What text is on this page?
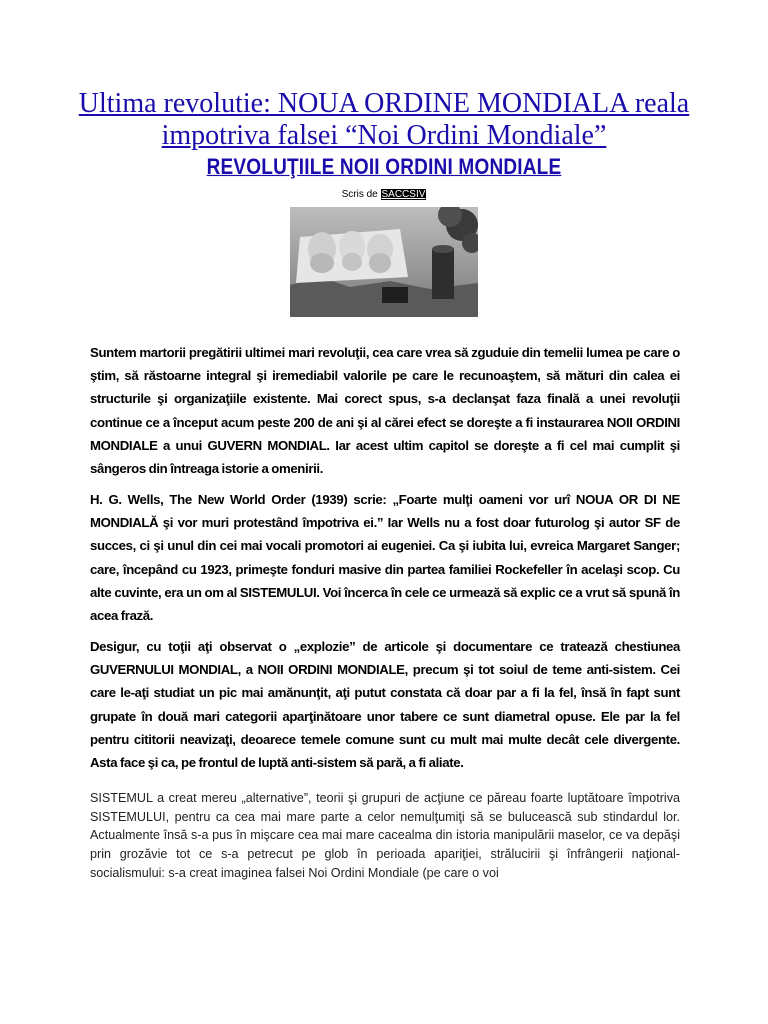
Ultima revolutie: NOUA ORDINE MONDIALA reala impotriva falsei “Noi Ordini Mondiale”
REVOLUŢIILE NOII ORDINI MONDIALE
Scris de SACCSIV

Suntem martorii pregătirii ultimei mari revoluţii, cea care vrea să zguduie din temelii lumea pe care o ştim, să răstoarne integral şi iremediabil valorile pe care le recunoaştem, să mături din calea ei structurile şi organizaţiile existente. Mai corect spus, s-a declanşat faza finală a unei revoluţii continue ce a început acum peste 200 de ani şi al cărei efect se doreşte a fi instaurarea NOII ORDINI MONDIALE a unui GUVERN MONDIAL. Iar acest ultim capitol se doreşte a fi cel mai cumplit şi sângeros din întreaga istorie a omenirii.

H. G. Wells, The New World Order (1939) scrie: „Foarte mulţi oameni vor urî NOUA OR DI NE MONDIALĂ şi vor muri protestând împotriva ei.” Iar Wells nu a fost doar futurolog şi autor SF de succes, ci şi unul din cei mai vocali promotori ai eugeniei. Ca şi iubita lui, evreica Margaret Sanger; care, începând cu 1923, primeşte fonduri masive din partea familiei Rockefeller în acelaşi scop. Cu alte cuvinte, era un om al SISTEMULUI. Voi încerca în cele ce urmează să explic ce a vrut să spună în acea frază.

Desigur, cu toţii aţi observat o „explozie” de articole şi documentare ce tratează chestiunea GUVERNULUI MONDIAL, a NOII ORDINI MONDIALE, precum şi tot soiul de teme anti-sistem. Cei care le-aţi studiat un pic mai amănunţit, aţi putut constata că doar par a fi la fel, însă în fapt sunt grupate în două mari categorii aparţinătoare unor tabere ce sunt diametral opuse. Ele par la fel pentru cititorii neavizaţi, deoarece temele comune sunt cu mult mai multe decât cele divergente. Asta face şi ca, pe frontul de luptă anti-sistem să pară, a fi aliate.

SISTEMUL a creat mereu „alternative”, teorii şi grupuri de acţiune ce păreau foarte luptătoare împotriva SISTEMULUI, pentru ca cea mai mare parte a celor nemulţumiţi să se bulucească sub stindardul lor. Actualmente însă s-a pus în mişcare cea mai mare cacealma din istoria manipulării maselor, ce va depăşi prin grozăvie tot ce s-a petrecut pe glob în perioada apariţiei, strălucirii şi înfrângerii naţional-socialismului: s-a creat imaginea falsei Noi Ordini Mondiale (pe care o voi
